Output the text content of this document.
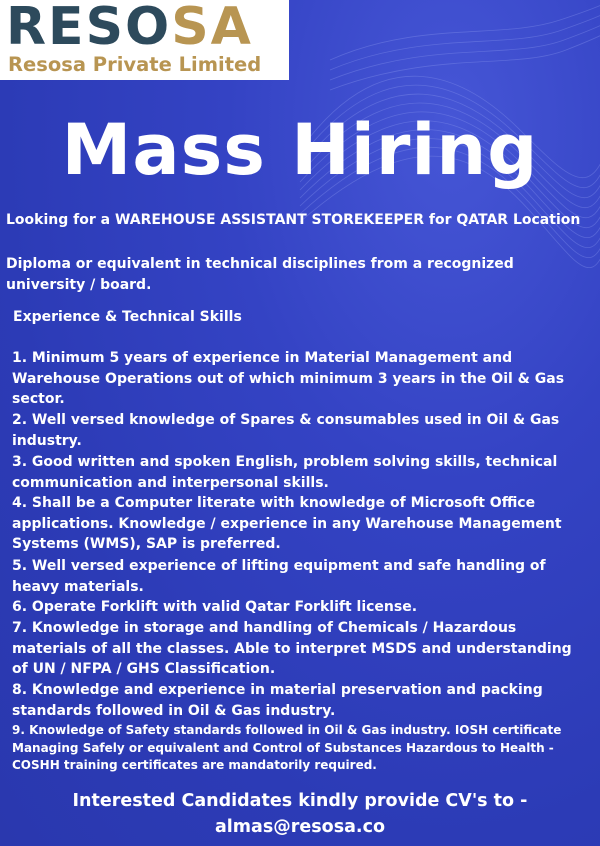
RESOSA
Resosa Private Limited
Mass Hiring

Looking for a WAREHOUSE ASSISTANT STOREKEEPER for QATAR Location

Diploma or equivalent in technical disciplines from a recognized university / board.

Experience & Technical Skills

1. Minimum 5 years of experience in Material Management and Warehouse Operations out of which minimum 3 years in the Oil & Gas sector.

2. Well versed knowledge of Spares & consumables used in Oil & Gas industry.

3. Good written and spoken English, problem solving skills, technical communication and interpersonal skills.

4. Shall be a Computer literate with knowledge of Microsoft Office applications. Knowledge / experience in any Warehouse Management Systems (WMS), SAP is preferred.

5. Well versed experience of lifting equipment and safe handling of heavy materials.

6. Operate Forklift with valid Qatar Forklift license.

7. Knowledge in storage and handling of Chemicals / Hazardous materials of all the classes. Able to interpret MSDS and understanding of UN / NFPA / GHS Classification.

8. Knowledge and experience in material preservation and packing standards followed in Oil & Gas industry.

9. Knowledge of Safety standards followed in Oil & Gas industry. IOSH certificate Managing Safely or equivalent and Control of Substances Hazardous to Health - COSHH training certificates are mandatorily required.

Interested Candidates kindly provide CV's to -
almas@resosa.co
